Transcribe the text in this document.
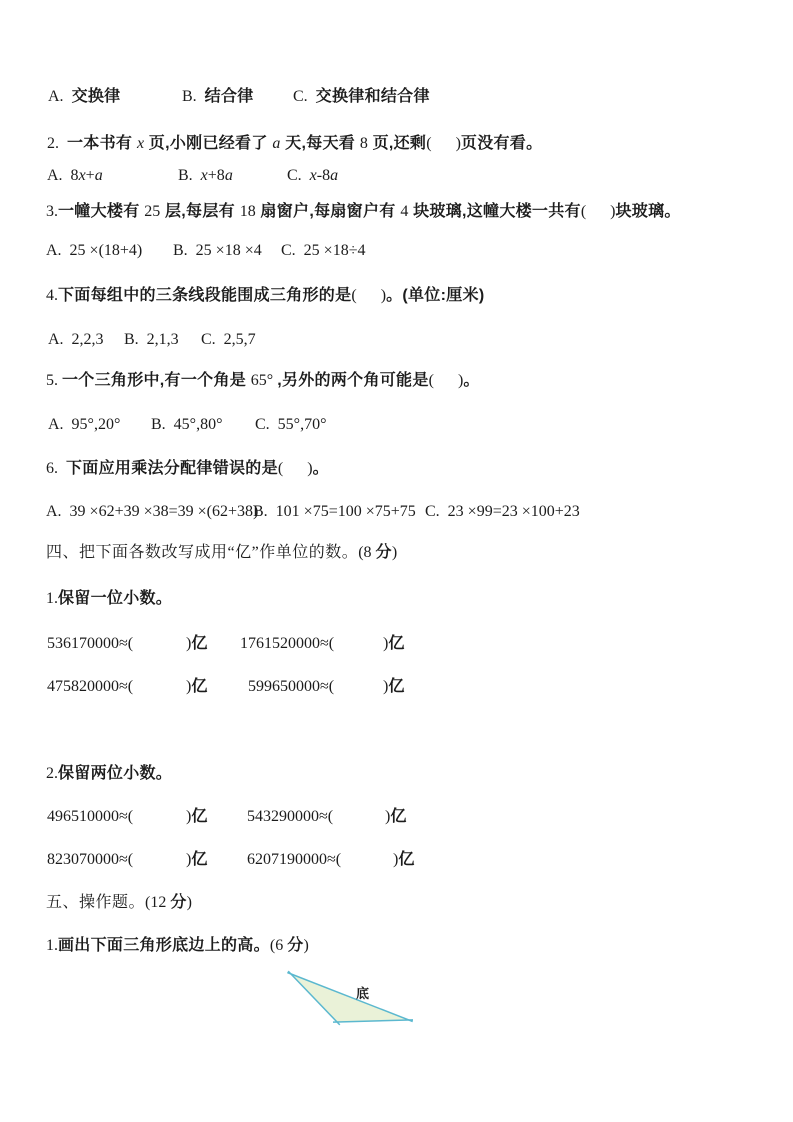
A.  交换律

	B.  结合律

C.  交换律和结合律

2.  一本书有 x 页,小刚已经看了 a 天,每天看 8 页,还剩(      )页没有看。

A.  8x+a

	B.  x+8a

	C.  x-8a

3.一幢大楼有 25 层,每层有 18 扇窗户,每扇窗户有 4 块玻璃,这幢大楼一共有(      )块玻璃。

A.  25 ×(18+4)

B.  25 ×18 ×4

C.  25 ×18÷4

4.下面每组中的三条线段能围成三角形的是(      )。(单位:厘米)

A.  2,2,3

B.  2,1,3

C.  2,5,7

5. 一个三角形中,有一个角是 65° ,另外的两个角可能是(      )。

A.  95°,20°

B.  45°,80°

C.  55°,70°

6.  下面应用乘法分配律错误的是(      )。

A.  39 ×62+39 ×38=39 ×(62+38)

B.  101 ×75=100 ×75+75

C.  23 ×99=23 ×100+23

四、把下面各数改写成用“亿”作单位的数。(8 分)

1.保留一位小数。

536170000≈(

	)亿

1761520000≈(

	)亿

475820000≈(

	)亿

	599650000≈(

	)亿

2.保留两位小数。

496510000≈(

	)亿

543290000≈(

	)亿

823070000≈(

	)亿

6207190000≈(

	)亿

五、操作题。(12 分)

1.画出下面三角形底边上的高。(6 分)

底
